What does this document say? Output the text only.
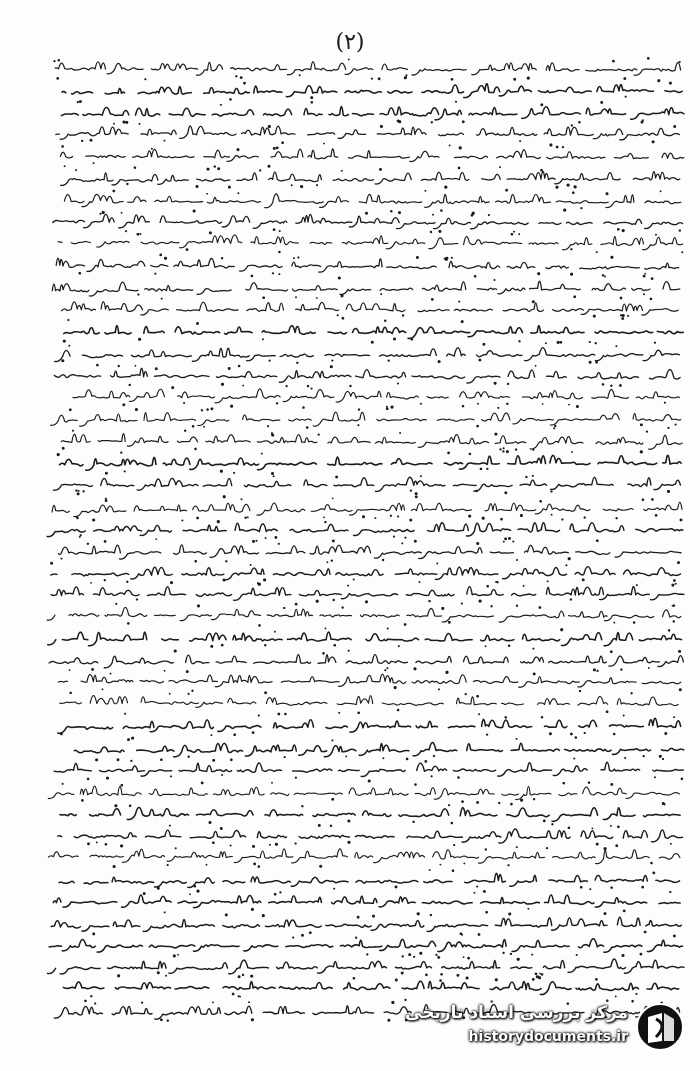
(۲)
مرکز بررسی اسناد تاریخی
historydocuments.ir
